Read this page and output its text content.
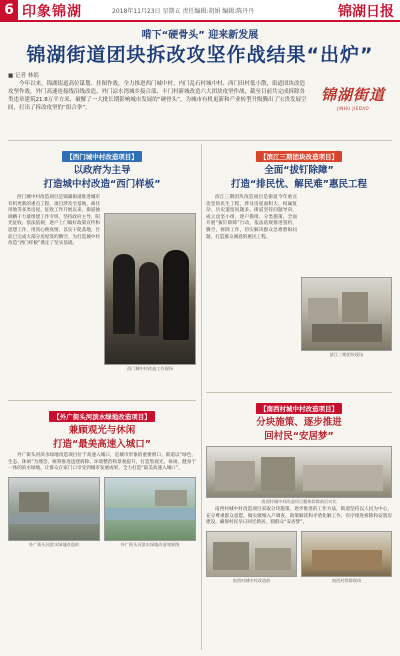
6 印象锦湖	2018年11月23日 星期五 责任编辑:胡娟 编辑:陈丹丹	锦湖日报
啃下“硬骨头” 迎来新发展
锦湖街道团块拆改攻坚作战结果“出炉”
■ 记者 林娟

今年以来，锦湖街道高位谋划、挂图作战，全力推进西门城中村、内门乱石村城中村、西门田村低小散、街道团块改造攻坚作战，外门高速连接线沿线改造、外门凉水湾城乡接合部、丰门村新城改造六大团块攻坚作战，截至目前共完成拆除各类违章建筑21.8万平方米，破解了一大批长期影响城市发展的“硬骨头”，为城市有机更新和产业转型升级腾出了宝贵发展空间，打出了拆改攻坚的“组合拳”。

锦湖街道
JINHU JIEDAO
【西门城中村改造项目】
以政府为主导
打造城中村改造“西门样板”

西门城中村改造项目是锦湖街道推进城市有机更新的重点工程，项目涉及宅基地、商住用地等多类房屋，征收工作开展以来，街道抽调精干力量组建工作专班，坚持政府主导、阳光征收、依法依规，逐户上门做好政策宣传和思想工作，用真心换真情，以实干促落地，目前已完成大部分房屋签约腾空，为打造城中村改造“西门样板”奠定了坚实基础。

西门城中村改造工作现场
【滨江三期团块改造项目】
全面“拔钉除障”
打造“排民忧、解民难”惠民工程

滨江三期团块改造项目是街道今年重点攻坚的民生工程，涉及房屋面积大、权属复杂、历史遗留问题多。街道坚持问题导向，成立攻坚小组，逐户摸排、分类施策，全面开展“拔钉除障”行动，依法依规推进签约、腾空、拆除工作，切实解决群众急难愁盼问题，打造群众满意的惠民工程。

滨江三期团块现场
【外广街头河滨水绿地改造项目】
兼顾观光与休闲
打造“最美高速入城口”

外广街头河滨水绿地改造项目位于高速入城口，是城市形象的重要窗口。街道以“绿色、生态、休闲”为理念，统筹推进违建拆除、环境整治和景观提升，打造集观光、休闲、健身于一体的滨水绿地，让群众在家门口享受到城市发展成果，全力打造“最美高速入城口”。

外广街头河滨水绿地改造前	外广街头河滨水绿地改造效果图
【南西村城中村改造项目】
分块施策、逐步推进
回村民“安居梦”
南西村城中村改造项目整体拆除前后对比

南西村城中村改造项目采取分块施策、逐步推进的工作方法，街道坚持以人民为中心，充分尊重群众意愿，做实做细入户调查、政策解读和矛盾化解工作，有序推进拆除和安置房建设，确保村民早日回迁新居，圆群众“安居梦”。

南西村城中村改造前	南西村拆除现场
